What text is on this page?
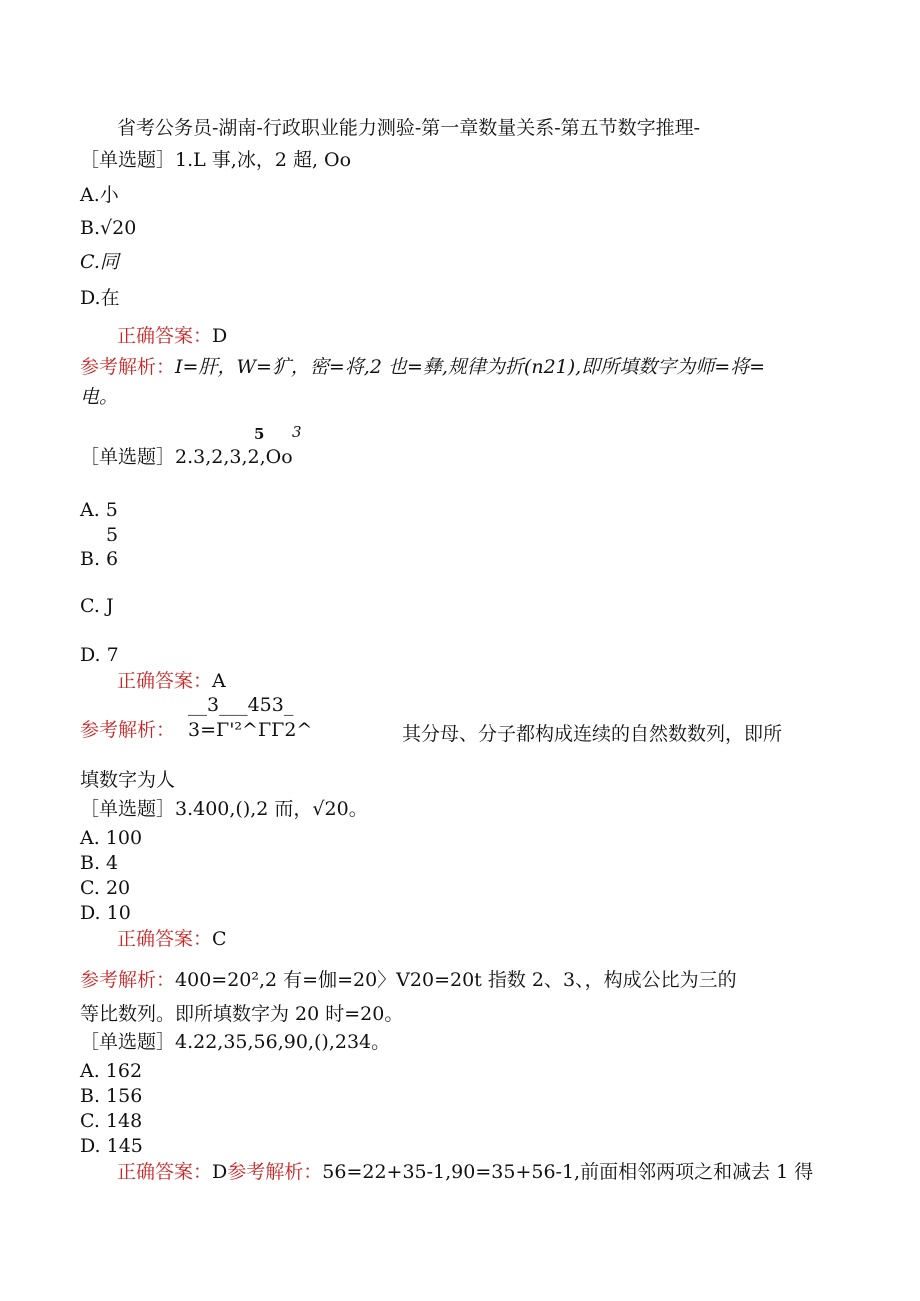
省考公务员-湖南-行政职业能力测验-第一章数量关系-第五节数字推理-
［单选题］1.L 事,冰，2 超, Oo
A.小
B.√20
C.同
D.在
正确答案：D
参考解析：I=肝，W=犷，密=将,2 也=彝,规律为折(n21),即所填数字为师=将=
电。
5 3
［单选题］2.3,2,3,2,Oo
A. 5
5
B. 6
C. J
D. 7
正确答案：A
__3___453_
参考解析： 3=Γ'²^ΓΓ2^	其分母、分子都构成连续的自然数数列，即所
填数字为人
［单选题］3.400,(),2 而，√20。
A. 100
B. 4
C. 20
D. 10
正确答案：C
参考解析：400=20²,2 有=伽=20〉V20=20t 指数 2、3、，构成公比为三的
等比数列。即所填数字为 20 时=20。
［单选题］4.22,35,56,90,(),234。
A. 162
B. 156
C. 148
D. 145
正确答案：D参考解析：56=22+35-1,90=35+56-1,前面相邻两项之和减去 1 得
